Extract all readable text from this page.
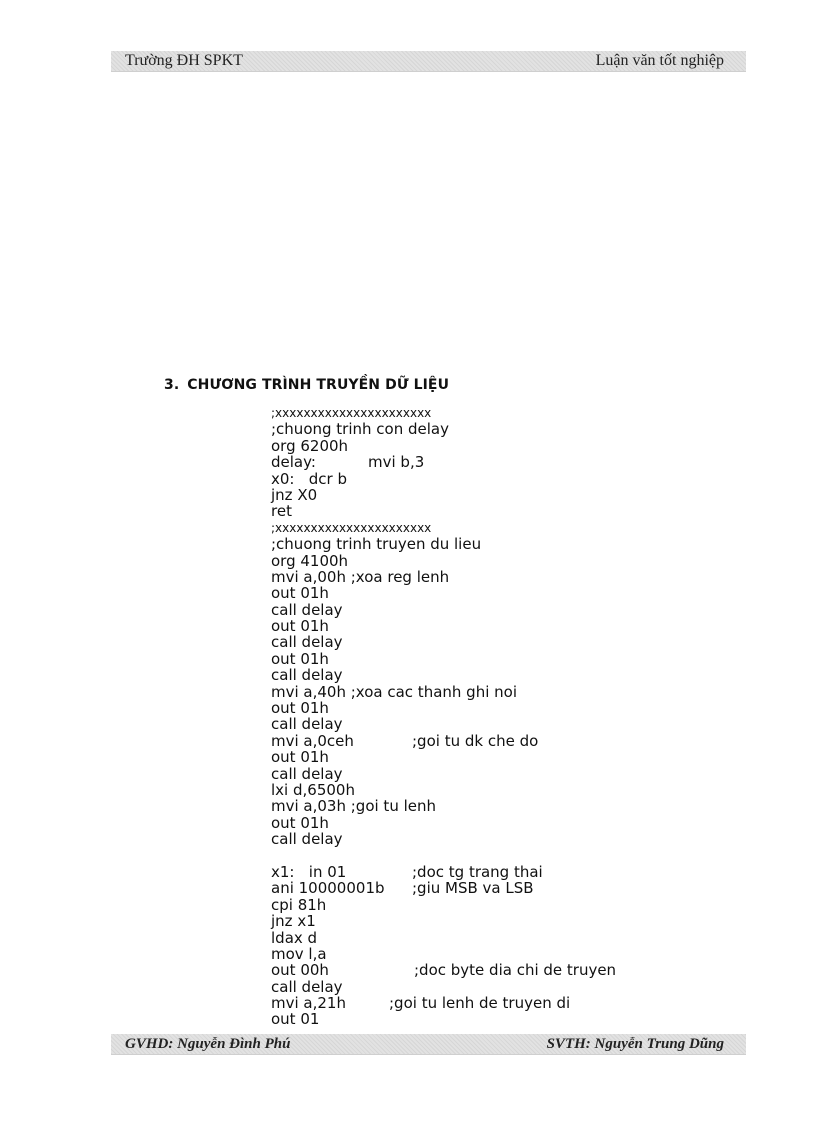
Trường ĐH SPKT	Luận văn tốt nghiệp
3. CHƯƠNG TRÌNH TRUYỀN DỮ LIỆU
;xxxxxxxxxxxxxxxxxxxxxx
;chuong trinh con delay
org 6200h
delay:	mvi b,3
x0:   dcr b
jnz X0
ret
;xxxxxxxxxxxxxxxxxxxxxx
;chuong trinh truyen du lieu
org 4100h
mvi a,00h ;xoa reg lenh
out 01h
call delay
out 01h
call delay
out 01h
call delay
mvi a,40h ;xoa cac thanh ghi noi
out 01h
call delay
mvi a,0ceh	;goi tu dk che do
out 01h
call delay
lxi d,6500h
mvi a,03h ;goi tu lenh
out 01h
call delay
x1:   in 01	;doc tg trang thai
ani 10000001b ;giu MSB va LSB
cpi 81h
jnz x1
ldax d
mov l,a
out 00h	;doc byte dia chi de truyen
call delay
mvi a,21h	;goi tu lenh de truyen di
out 01
GVHD: Nguyễn Đình Phú	SVTH: Nguyễn Trung Dũng
